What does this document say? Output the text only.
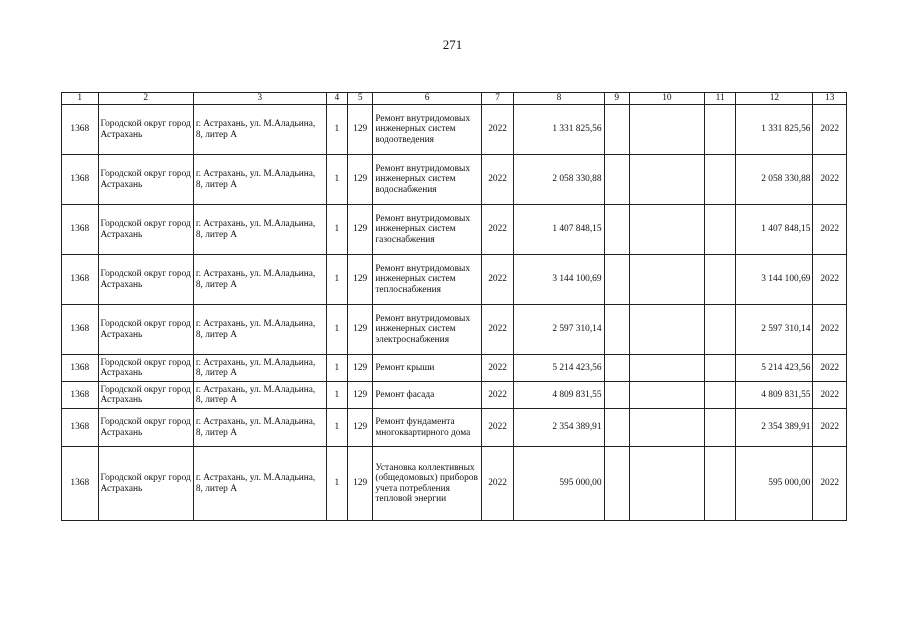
271
1	2	3	4	5	6	7	8	9	10	11	12	13
1368	Городской округ город Астрахань	г. Астрахань, ул. М.Аладьина, 8, литер А	1	129	Ремонт внутридомовых инженерных систем водоотведения	2022	1 331 825,56				1 331 825,56	2022
1368	Городской округ город Астрахань	г. Астрахань, ул. М.Аладьина, 8, литер А	1	129	Ремонт внутридомовых инженерных систем водоснабжения	2022	2 058 330,88				2 058 330,88	2022
1368	Городской округ город Астрахань	г. Астрахань, ул. М.Аладьина, 8, литер А	1	129	Ремонт внутридомовых инженерных систем газоснабжения	2022	1 407 848,15				1 407 848,15	2022
1368	Городской округ город Астрахань	г. Астрахань, ул. М.Аладьина, 8, литер А	1	129	Ремонт внутридомовых инженерных систем теплоснабжения	2022	3 144 100,69				3 144 100,69	2022
1368	Городской округ город Астрахань	г. Астрахань, ул. М.Аладьина, 8, литер А	1	129	Ремонт внутридомовых инженерных систем электроснабжения	2022	2 597 310,14				2 597 310,14	2022
1368	Городской округ город Астрахань	г. Астрахань, ул. М.Аладьина, 8, литер А	1	129	Ремонт крыши	2022	5 214 423,56				5 214 423,56	2022
1368	Городской округ город Астрахань	г. Астрахань, ул. М.Аладьина, 8, литер А	1	129	Ремонт фасада	2022	4 809 831,55				4 809 831,55	2022
1368	Городской округ город Астрахань	г. Астрахань, ул. М.Аладьина, 8, литер А	1	129	Ремонт фундамента многоквартирного дома	2022	2 354 389,91				2 354 389,91	2022
1368	Городской округ город Астрахань	г. Астрахань, ул. М.Аладьина, 8, литер А	1	129	Установка коллективных (общедомовых) приборов учета потребления тепловой энергии	2022	595 000,00				595 000,00	2022
